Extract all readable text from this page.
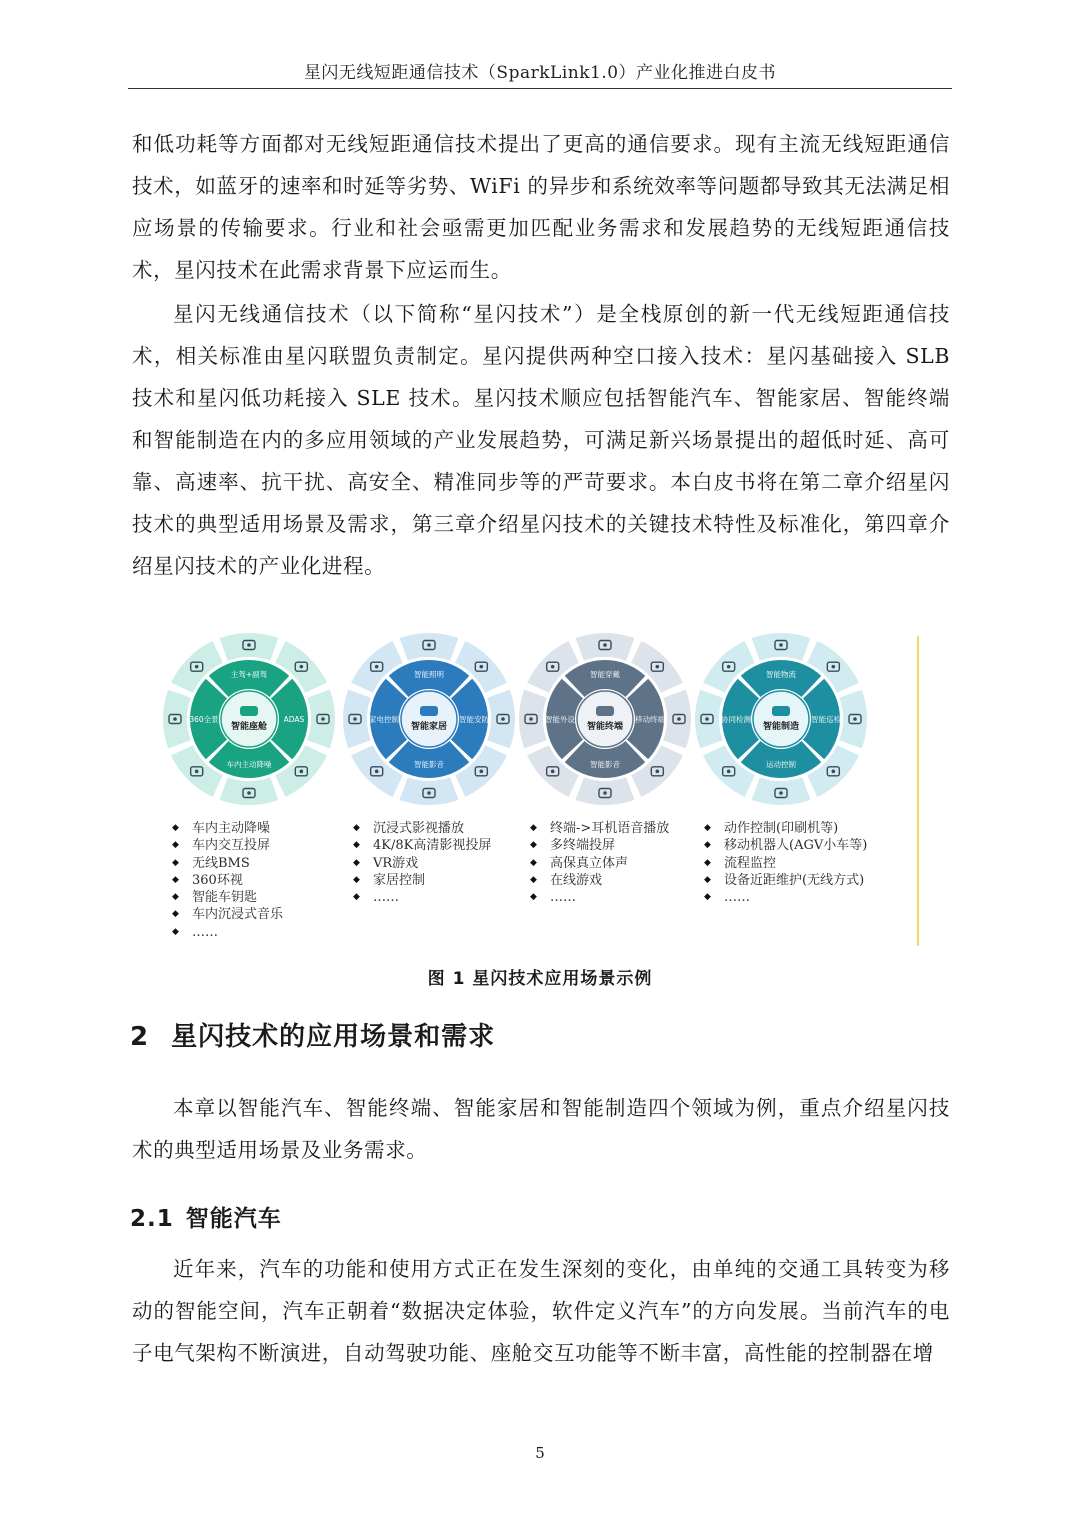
星闪无线短距通信技术（SparkLink1.0）产业化推进白皮书

和低功耗等方面都对无线短距通信技术提出了更高的通信要求。现有主流无线短距通信技术，如蓝牙的速率和时延等劣势、WiFi 的异步和系统效率等问题都导致其无法满足相应场景的传输要求。行业和社会亟需更加匹配业务需求和发展趋势的无线短距通信技术，星闪技术在此需求背景下应运而生。

星闪无线通信技术（以下简称“星闪技术”）是全栈原创的新一代无线短距通信技术，相关标准由星闪联盟负责制定。星闪提供两种空口接入技术：星闪基础接入 SLB 技术和星闪低功耗接入 SLE 技术。星闪技术顺应包括智能汽车、智能家居、智能终端和智能制造在内的多应用领域的产业发展趋势，可满足新兴场景提出的超低时延、高可靠、高速率、抗干扰、高安全、精准同步等的严苛要求。本白皮书将在第二章介绍星闪技术的典型适用场景及需求，第三章介绍星闪技术的关键技术特性及标准化，第四章介绍星闪技术的产业化进程。

主驾+副驾
ADAS
车内主动降噪
360全景
智能座舱
智能照明
智能安防
智能影音
家电控制
智能家居
智能穿戴
移动终端
智能影音
智能外设
智能终端
智能物流
智能巡检
运动控制
协同检测
智能制造
◆ 车内主动降噪
◆ 车内交互投屏
◆ 无线BMS
◆ 360环视
◆ 智能车钥匙
◆ 车内沉浸式音乐
◆ ……
◆ 沉浸式影视播放
◆ 4K/8K高清影视投屏
◆ VR游戏
◆ 家居控制
◆ ……
◆ 终端->耳机语音播放
◆ 多终端投屏
◆ 高保真立体声
◆ 在线游戏
◆ ……
◆ 动作控制(印刷机等)
◆ 移动机器人(AGV小车等)
◆ 流程监控
◆ 设备近距维护(无线方式)
◆ ……
图 1 星闪技术应用场景示例
2 星闪技术的应用场景和需求

本章以智能汽车、智能终端、智能家居和智能制造四个领域为例，重点介绍星闪技术的典型适用场景及业务需求。

2.1 智能汽车

近年来，汽车的功能和使用方式正在发生深刻的变化，由单纯的交通工具转变为移动的智能空间，汽车正朝着“数据决定体验，软件定义汽车”的方向发展。当前汽车的电子电气架构不断演进，自动驾驶功能、座舱交互功能等不断丰富，高性能的控制器在增

5
